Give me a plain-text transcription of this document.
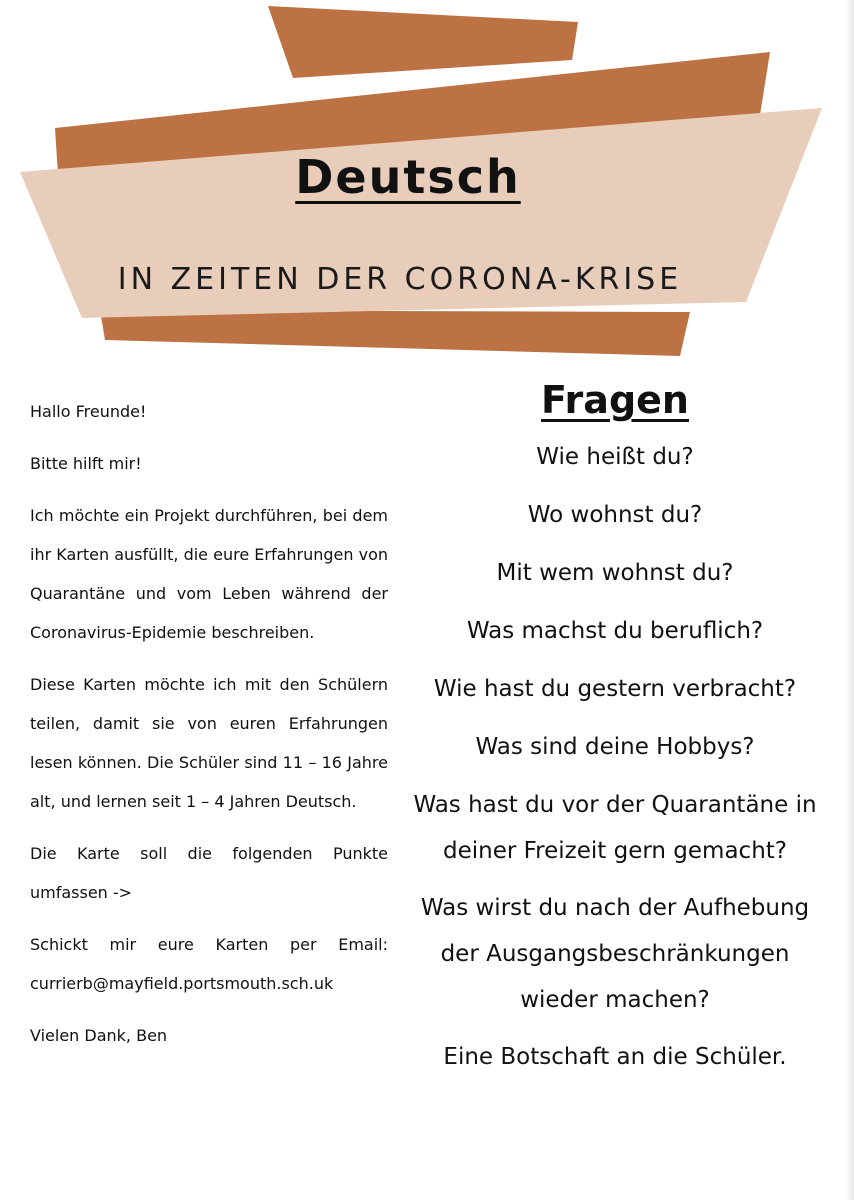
Deutsch
IN ZEITEN DER CORONA-KRISE

Hallo Freunde!

Bitte hilft mir!

Ich möchte ein Projekt durchführen, bei dem ihr Karten ausfüllt, die eure Erfahrungen von Quarantäne und vom Leben während der Coronavirus-Epidemie beschreiben.

Diese Karten möchte ich mit den Schülern teilen, damit sie von euren Erfahrungen lesen können. Die Schüler sind 11 – 16 Jahre alt, und lernen seit 1 – 4 Jahren Deutsch.

Die Karte soll die folgenden Punkte umfassen ->

Schickt mir eure Karten per Email: currierb@mayfield.portsmouth.sch.uk

Vielen Dank, Ben

Fragen
Wie heißt du?
Wo wohnst du?
Mit wem wohnst du?
Was machst du beruflich?
Wie hast du gestern verbracht?
Was sind deine Hobbys?
Was hast du vor der Quarantäne in deiner Freizeit gern gemacht?
Was wirst du nach der Aufhebung der Ausgangsbeschränkungen wieder machen?
Eine Botschaft an die Schüler.
